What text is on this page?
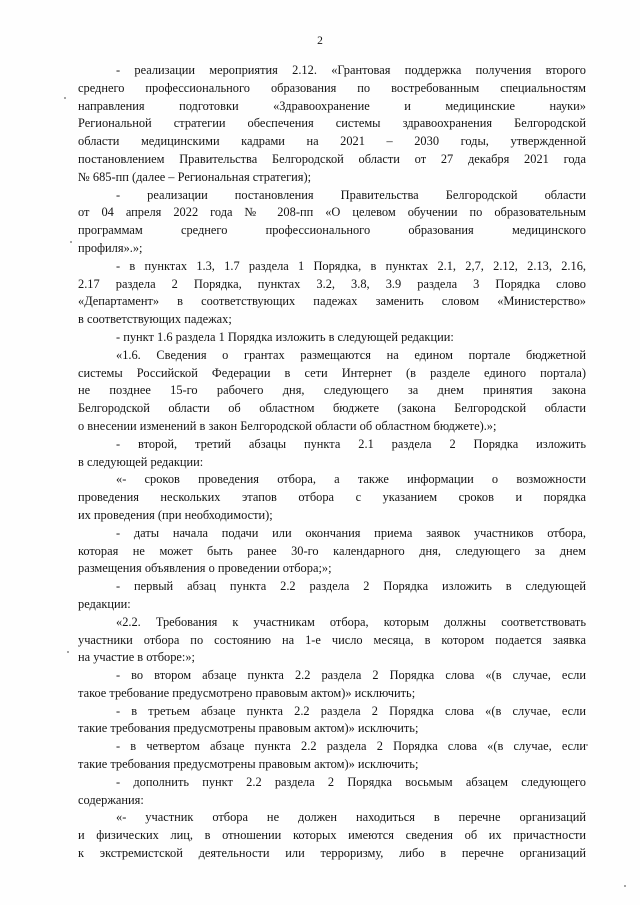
2
- реализации мероприятия 2.12. «Грантовая поддержка получения второго
среднего профессионального образования по востребованным специальностям
направления подготовки «Здравоохранение и медицинские науки»
Региональной стратегии обеспечения системы здравоохранения Белгородской
области медицинскими кадрами на 2021 – 2030 годы, утвержденной
постановлением Правительства Белгородской области от 27 декабря 2021 года
№ 685-пп (далее – Региональная стратегия);
- реализации постановления Правительства Белгородской области
от 04 апреля 2022 года № 208-пп «О целевом обучении по образовательным
программам среднего профессионального образования медицинского
профиля».»;
- в пунктах 1.3, 1.7 раздела 1 Порядка, в пунктах 2.1, 2,7, 2.12, 2.13, 2.16,
2.17 раздела 2 Порядка, пунктах 3.2, 3.8, 3.9 раздела 3 Порядка слово
«Департамент» в соответствующих падежах заменить словом «Министерство»
в соответствующих падежах;
- пункт 1.6 раздела 1 Порядка изложить в следующей редакции:
«1.6. Сведения о грантах размещаются на едином портале бюджетной
системы Российской Федерации в сети Интернет (в разделе единого портала)
не позднее 15-го рабочего дня, следующего за днем принятия закона
Белгородской области об областном бюджете (закона Белгородской области
о внесении изменений в закон Белгородской области об областном бюджете).»;
- второй, третий абзацы пункта 2.1 раздела 2 Порядка изложить
в следующей редакции:
«- сроков проведения отбора, а также информации о возможности
проведения нескольких этапов отбора с указанием сроков и порядка
их проведения (при необходимости);
- даты начала подачи или окончания приема заявок участников отбора,
которая не может быть ранее 30-го календарного дня, следующего за днем
размещения объявления о проведении отбора;»;
- первый абзац пункта 2.2 раздела 2 Порядка изложить в следующей
редакции:
«2.2. Требования к участникам отбора, которым должны соответствовать
участники отбора по состоянию на 1-е число месяца, в котором подается заявка
на участие в отборе:»;
- во втором абзаце пункта 2.2 раздела 2 Порядка слова «(в случае, если
такое требование предусмотрено правовым актом)» исключить;
- в третьем абзаце пункта 2.2 раздела 2 Порядка слова «(в случае, если
такие требования предусмотрены правовым актом)» исключить;
- в четвертом абзаце пункта 2.2 раздела 2 Порядка слова «(в случае, если
такие требования предусмотрены правовым актом)» исключить;
- дополнить пункт 2.2 раздела 2 Порядка восьмым абзацем следующего
содержания:
«- участник отбора не должен находиться в перечне организаций
и физических лиц, в отношении которых имеются сведения об их причастности
к экстремистской деятельности или терроризму, либо в перечне организаций
